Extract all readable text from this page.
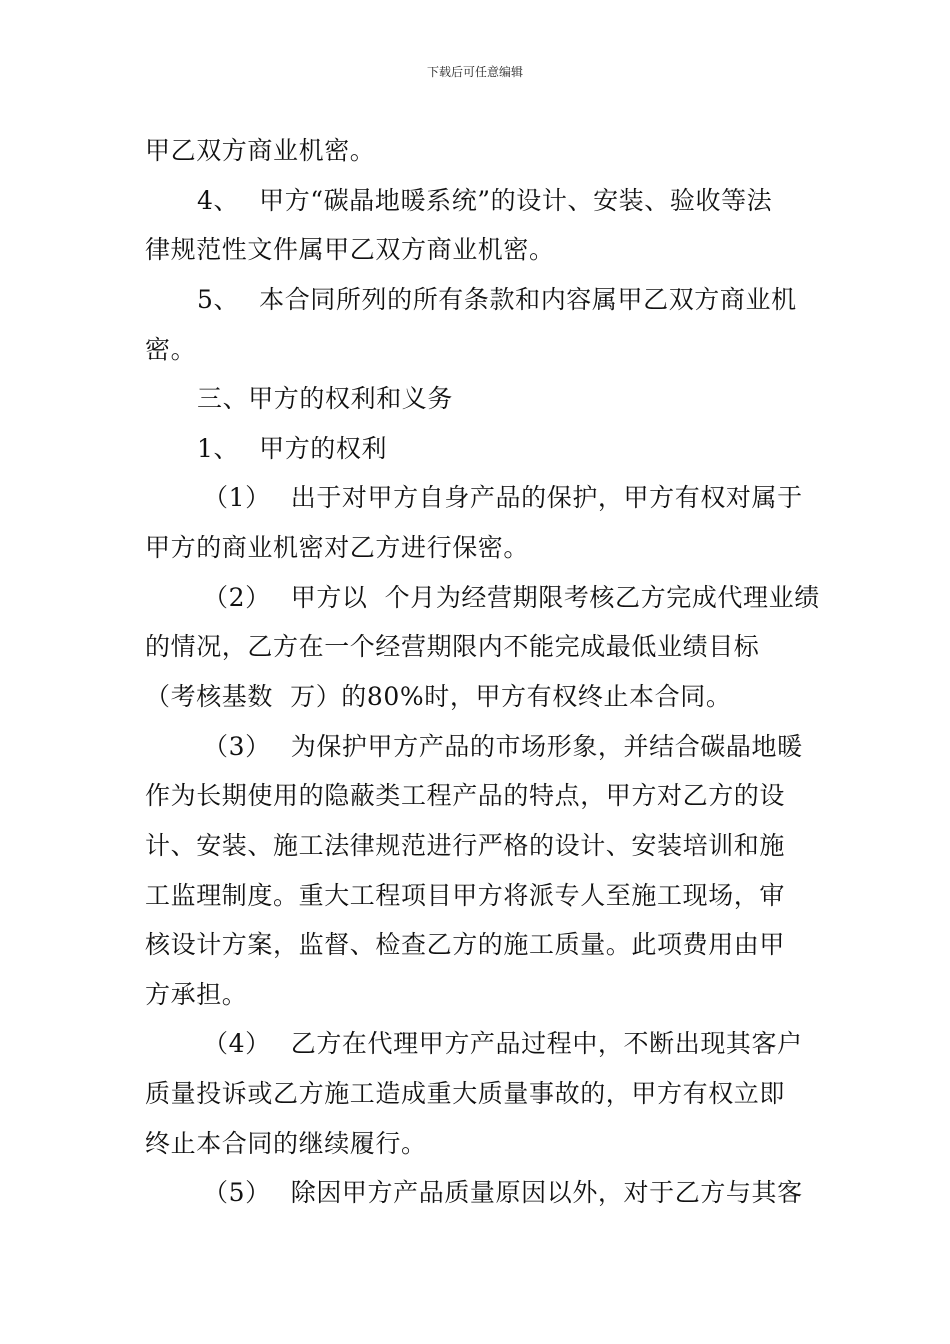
下载后可任意编辑
甲乙双方商业机密。
4、 甲方“碳晶地暖系统”的设计、安装、验收等法
律规范性文件属甲乙双方商业机密。
5、 本合同所列的所有条款和内容属甲乙双方商业机
密。
三、甲方的权利和义务
1、 甲方的权利
（1） 出于对甲方自身产品的保护，甲方有权对属于
甲方的商业机密对乙方进行保密。
（2） 甲方以  个月为经营期限考核乙方完成代理业绩
的情况，乙方在一个经营期限内不能完成最低业绩目标
（考核基数  万）的80%时，甲方有权终止本合同。
（3） 为保护甲方产品的市场形象，并结合碳晶地暖
作为长期使用的隐蔽类工程产品的特点，甲方对乙方的设
计、安装、施工法律规范进行严格的设计、安装培训和施
工监理制度。重大工程项目甲方将派专人至施工现场，审
核设计方案，监督、检查乙方的施工质量。此项费用由甲
方承担。
（4） 乙方在代理甲方产品过程中，不断出现其客户
质量投诉或乙方施工造成重大质量事故的，甲方有权立即
终止本合同的继续履行。
（5） 除因甲方产品质量原因以外，对于乙方与其客
